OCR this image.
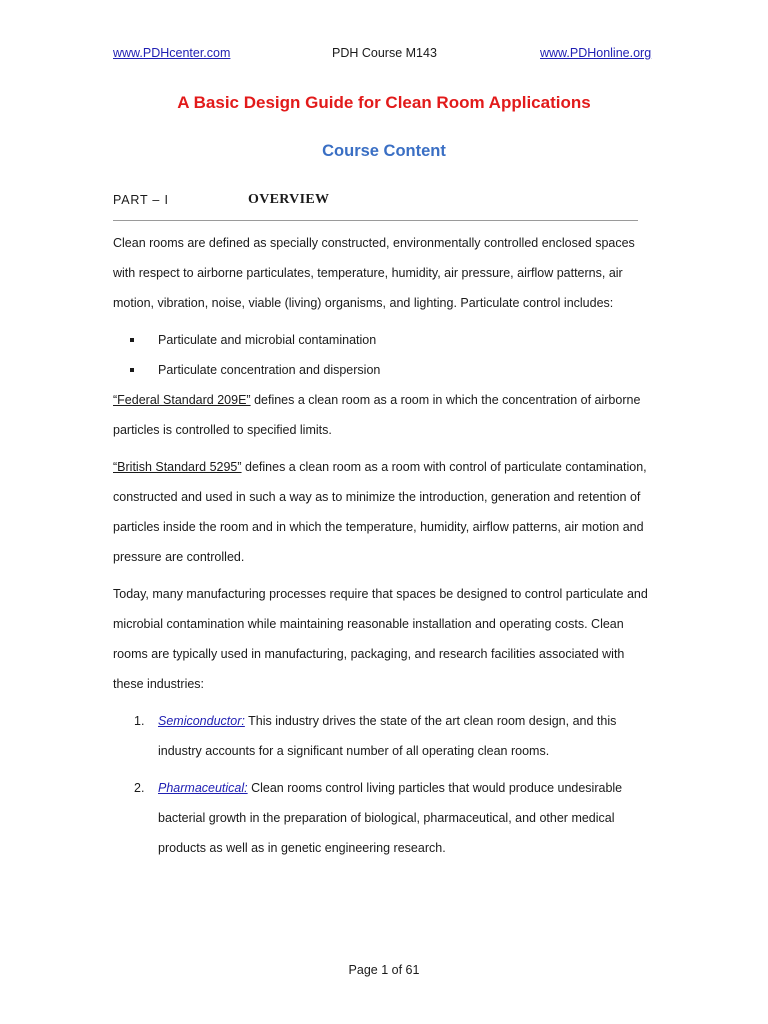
www.PDHcenter.com	PDH Course M143	www.PDHonline.org
A Basic Design Guide for Clean Room Applications
Course Content
PART – I	OVERVIEW
Clean rooms are defined as specially constructed, environmentally controlled enclosed spaces
with respect to airborne particulates, temperature, humidity, air pressure, airflow patterns, air
motion, vibration, noise, viable (living) organisms, and lighting. Particulate control includes:
Particulate and microbial contamination
Particulate concentration and dispersion
“Federal Standard 209E” defines a clean room as a room in which the concentration of airborne
particles is controlled to specified limits.
“British Standard 5295” defines a clean room as a room with control of particulate contamination,
constructed and used in such a way as to minimize the introduction, generation and retention of
particles inside the room and in which the temperature, humidity, airflow patterns, air motion and
pressure are controlled.
Today, many manufacturing processes require that spaces be designed to control particulate and
microbial contamination while maintaining reasonable installation and operating costs. Clean
rooms are typically used in manufacturing, packaging, and research facilities associated with
these industries:
1. Semiconductor: This industry drives the state of the art clean room design, and this
industry accounts for a significant number of all operating clean rooms.
2. Pharmaceutical: Clean rooms control living particles that would produce undesirable
bacterial growth in the preparation of biological, pharmaceutical, and other medical
products as well as in genetic engineering research.
Page 1 of 61
